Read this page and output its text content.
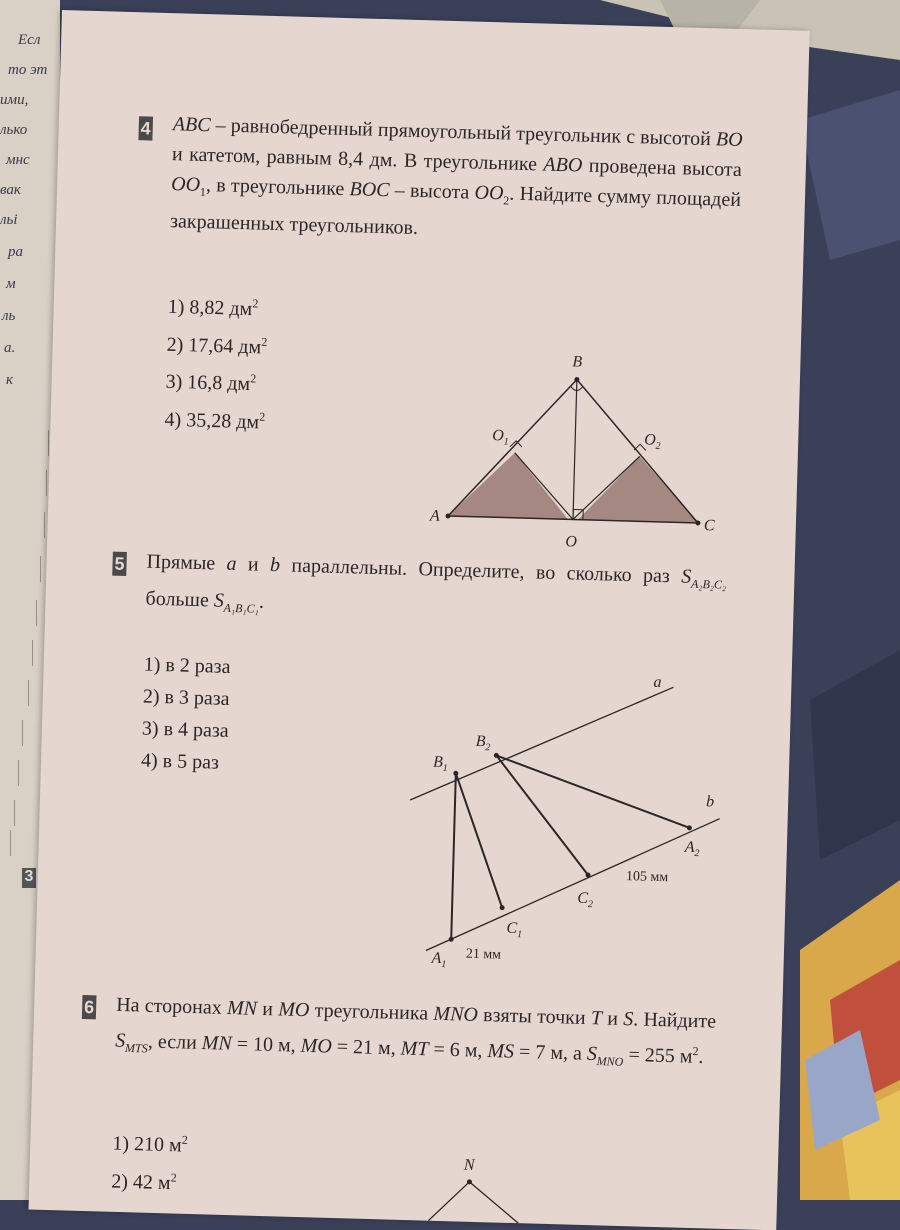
Есл
то эт
ими,
лько
мнс
вак
льі
ра
м
ль
а.
к
3
4 ABC – равнобедренный прямоугольный треугольник с высотой BO и катетом, равным 8,4 дм. В треугольнике ABO проведена высота $OO_1$, в треугольнике BOC – высота $OO_2$. Найдите сумму площадей закрашенных треугольников.
1) 8,82 $дм^2$
2) 17,64 $дм^2$
3) 16,8 $дм^2$
4) 35,28 $дм^2$
B
A
C
O
$O_1$	$O_2$
5 Прямые a и b параллельны. Определите, во сколько раз $S_{A_2B_2C_2}$ больше $S_{A_1B_1C_1}$.
1) в 2 раза
2) в 3 раза
3) в 4 раза
4) в 5 раз
a
b
$B_1$
$B_2$
$A_1$
$A_2$
$C_1$
$C_2$
21 мм
105 мм
6 На сторонах MN и MO треугольника MNO взяты точки T и S. Найдите $S_{MTS}$, если MN = 10 м, MO = 21 м, MT = 6 м, MS = 7 м, а $S_{MNO} = 255$ $м^2$.
1) 210 $м^2$
2) 42 $м^2$
N
